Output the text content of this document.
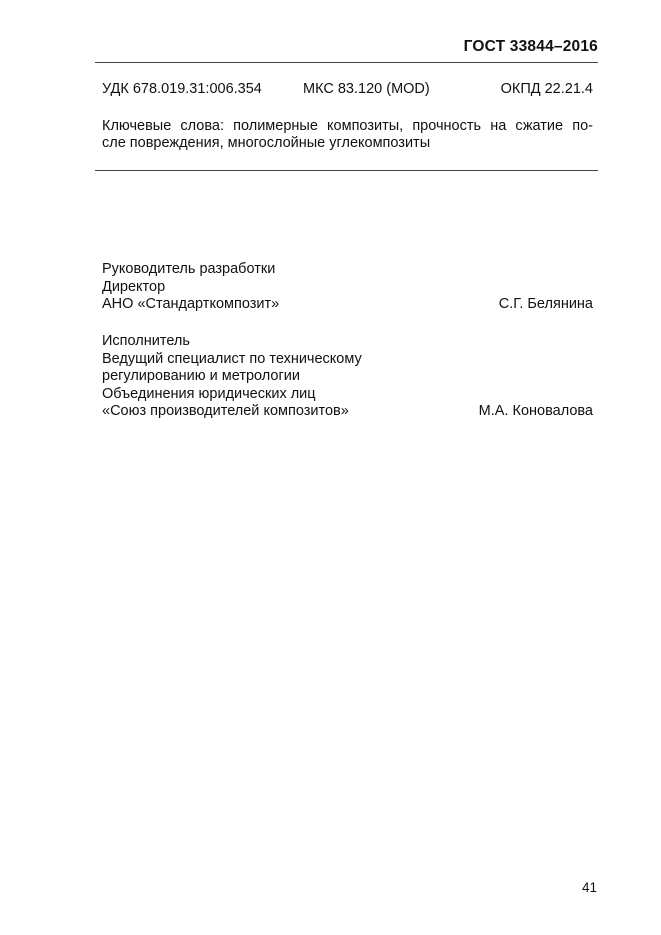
ГОСТ 33844–2016
УДК 678.019.31:006.354	МКС 83.120 (MOD)	ОКПД 22.21.4
Ключевые слова: полимерные композиты, прочность на сжатие по-
сле повреждения, многослойные углекомпозиты
Руководитель разработки
Директор
АНО «Стандарткомпозит»	С.Г. Белянина
Исполнитель
Ведущий специалист по техническому
регулированию и метрологии
Объединения юридических лиц
«Союз производителей композитов»	М.А. Коновалова
41
